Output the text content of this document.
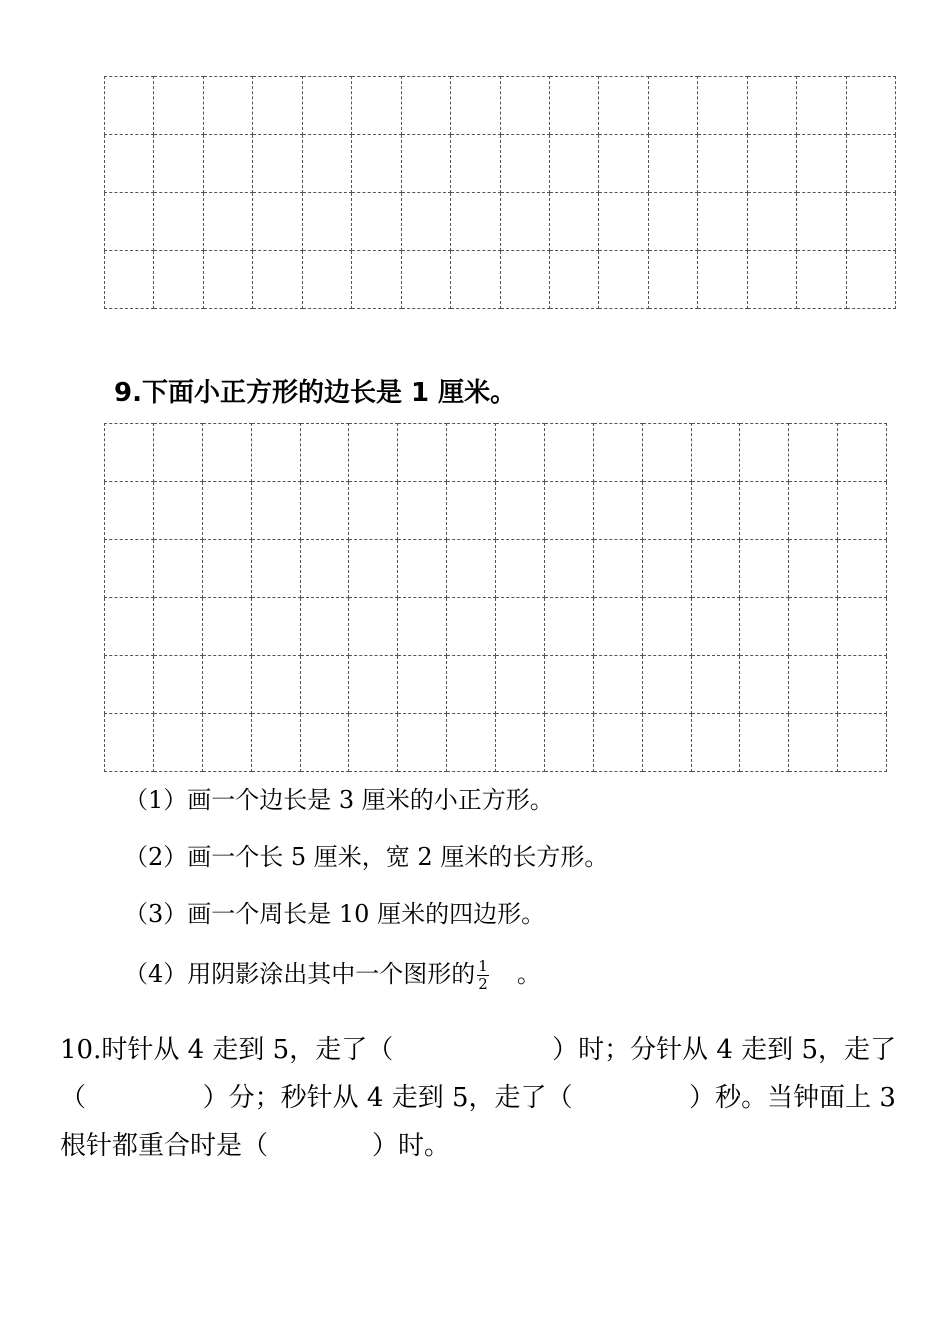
9.下面小正方形的边长是 1 厘米。

（1）画一个边长是 3 厘米的小正方形。
（2）画一个长 5 厘米，宽 2 厘米的长方形。
（3）画一个周长是 10 厘米的四边形。
（4）用阴影涂出其中一个图形的 $\frac{1}{2}$ 。
10.时针从 4 走到 5，走了（	）时；分针从 4 走到 5，走了
（	）分；秒针从 4 走到 5，走了（	）秒。当钟面上 3
根针都重合时是（	）时。
